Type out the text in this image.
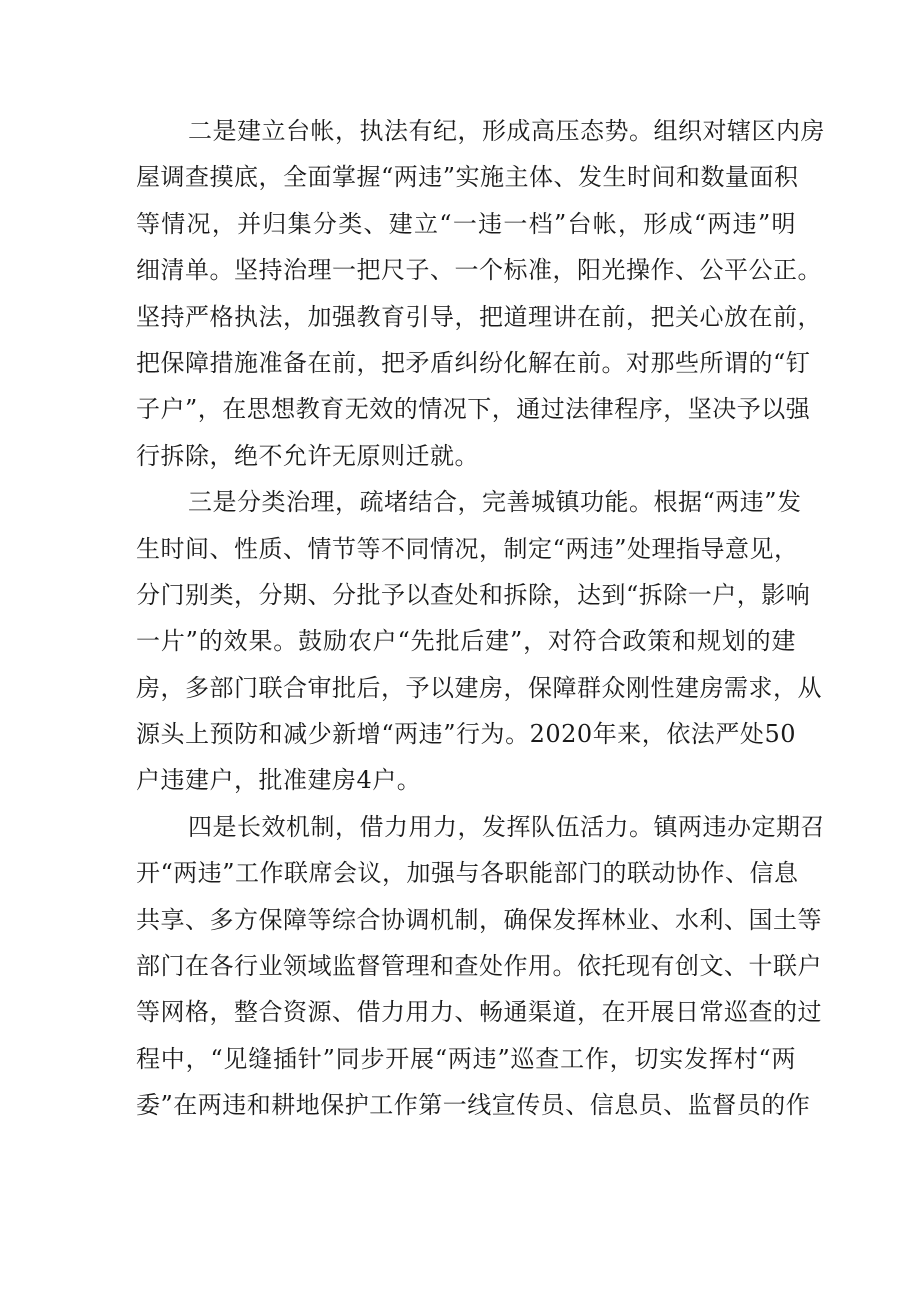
二是建立台帐，执法有纪，形成高压态势。组织对辖区内房
屋调查摸底，全面掌握“两违”实施主体、发生时间和数量面积
等情况，并归集分类、建立“一违一档”台帐，形成“两违”明
细清单。坚持治理一把尺子、一个标准，阳光操作、公平公正。
坚持严格执法，加强教育引导，把道理讲在前，把关心放在前，
把保障措施准备在前，把矛盾纠纷化解在前。对那些所谓的“钉
子户”，在思想教育无效的情况下，通过法律程序，坚决予以强
行拆除，绝不允许无原则迁就。
三是分类治理，疏堵结合，完善城镇功能。根据“两违”发
生时间、性质、情节等不同情况，制定“两违”处理指导意见，
分门别类，分期、分批予以查处和拆除，达到“拆除一户，影响
一片”的效果。鼓励农户“先批后建”，对符合政策和规划的建
房，多部门联合审批后，予以建房，保障群众刚性建房需求，从
源头上预防和减少新增“两违”行为。2020年来，依法严处50
户违建户，批准建房4户。
四是长效机制，借力用力，发挥队伍活力。镇两违办定期召
开“两违”工作联席会议，加强与各职能部门的联动协作、信息
共享、多方保障等综合协调机制，确保发挥林业、水利、国土等
部门在各行业领域监督管理和查处作用。依托现有创文、十联户
等网格，整合资源、借力用力、畅通渠道，在开展日常巡查的过
程中，“见缝插针”同步开展“两违”巡查工作，切实发挥村“两
委”在两违和耕地保护工作第一线宣传员、信息员、监督员的作
